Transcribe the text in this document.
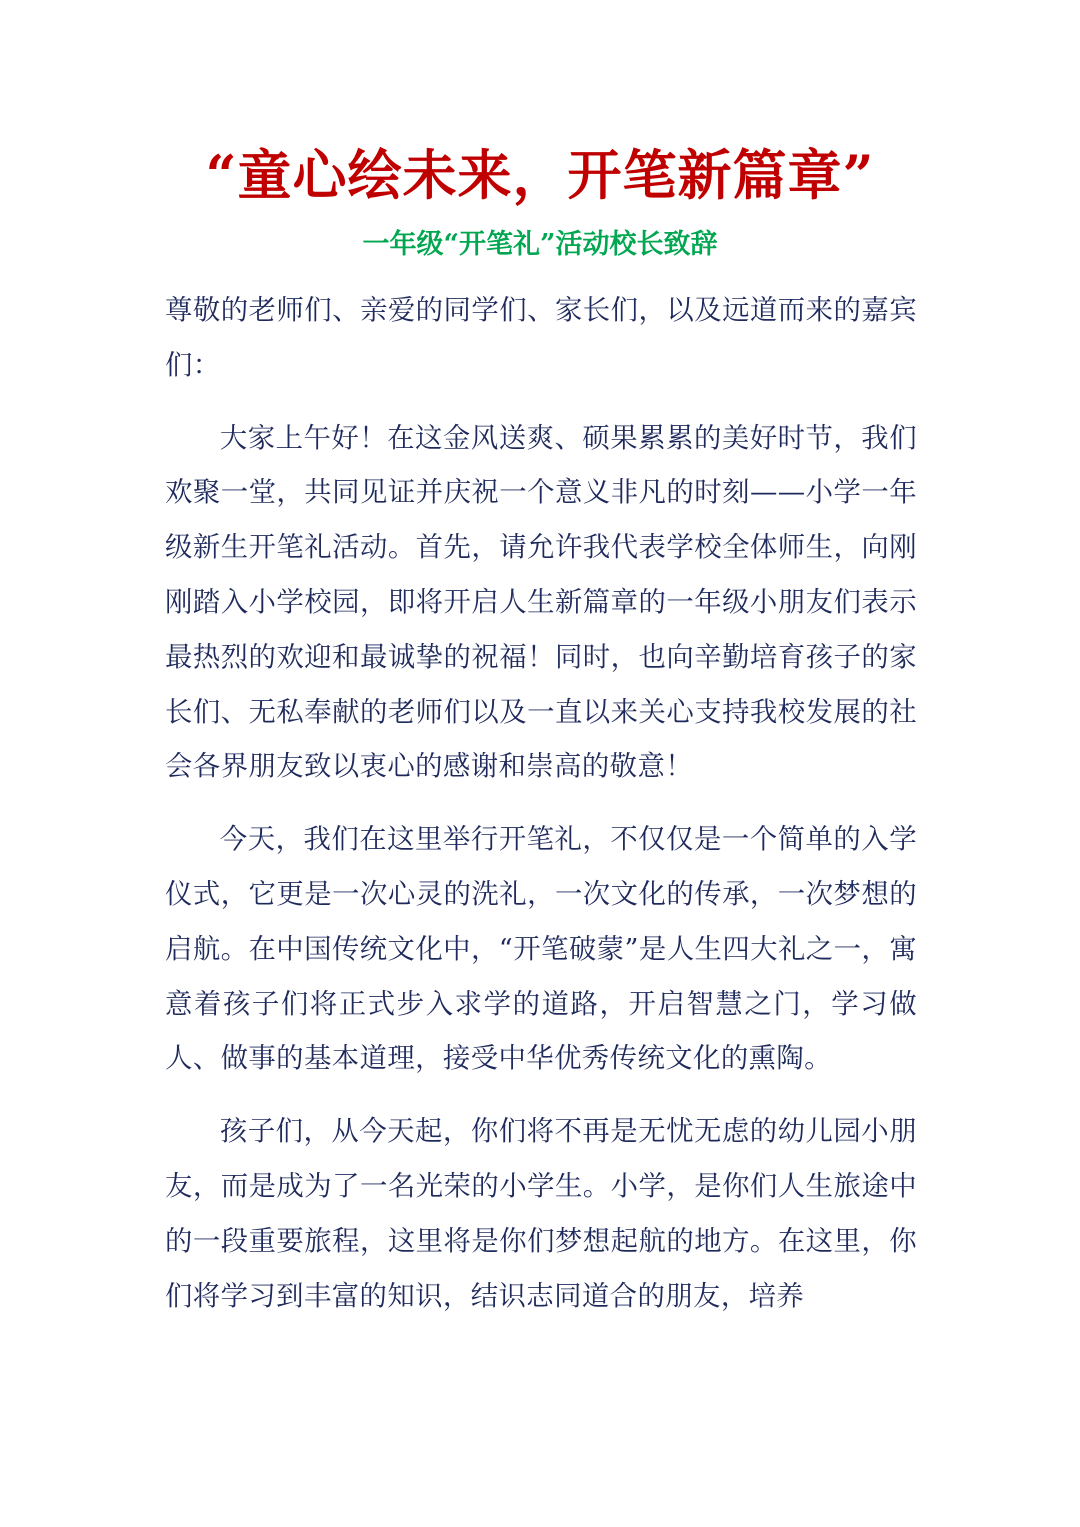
“童心绘未来，开笔新篇章”
一年级“开笔礼”活动校长致辞

尊敬的老师们、亲爱的同学们、家长们，以及远道而来的嘉宾们：

大家上午好！在这金风送爽、硕果累累的美好时节，我们欢聚一堂，共同见证并庆祝一个意义非凡的时刻——小学一年级新生开笔礼活动。首先，请允许我代表学校全体师生，向刚刚踏入小学校园，即将开启人生新篇章的一年级小朋友们表示最热烈的欢迎和最诚挚的祝福！同时，也向辛勤培育孩子的家长们、无私奉献的老师们以及一直以来关心支持我校发展的社会各界朋友致以衷心的感谢和崇高的敬意！

今天，我们在这里举行开笔礼，不仅仅是一个简单的入学仪式，它更是一次心灵的洗礼，一次文化的传承，一次梦想的启航。在中国传统文化中，“开笔破蒙”是人生四大礼之一，寓意着孩子们将正式步入求学的道路，开启智慧之门，学习做人、做事的基本道理，接受中华优秀传统文化的熏陶。

孩子们，从今天起，你们将不再是无忧无虑的幼儿园小朋友，而是成为了一名光荣的小学生。小学，是你们人生旅途中的一段重要旅程，这里将是你们梦想起航的地方。在这里，你们将学习到丰富的知识，结识志同道合的朋友，培养
